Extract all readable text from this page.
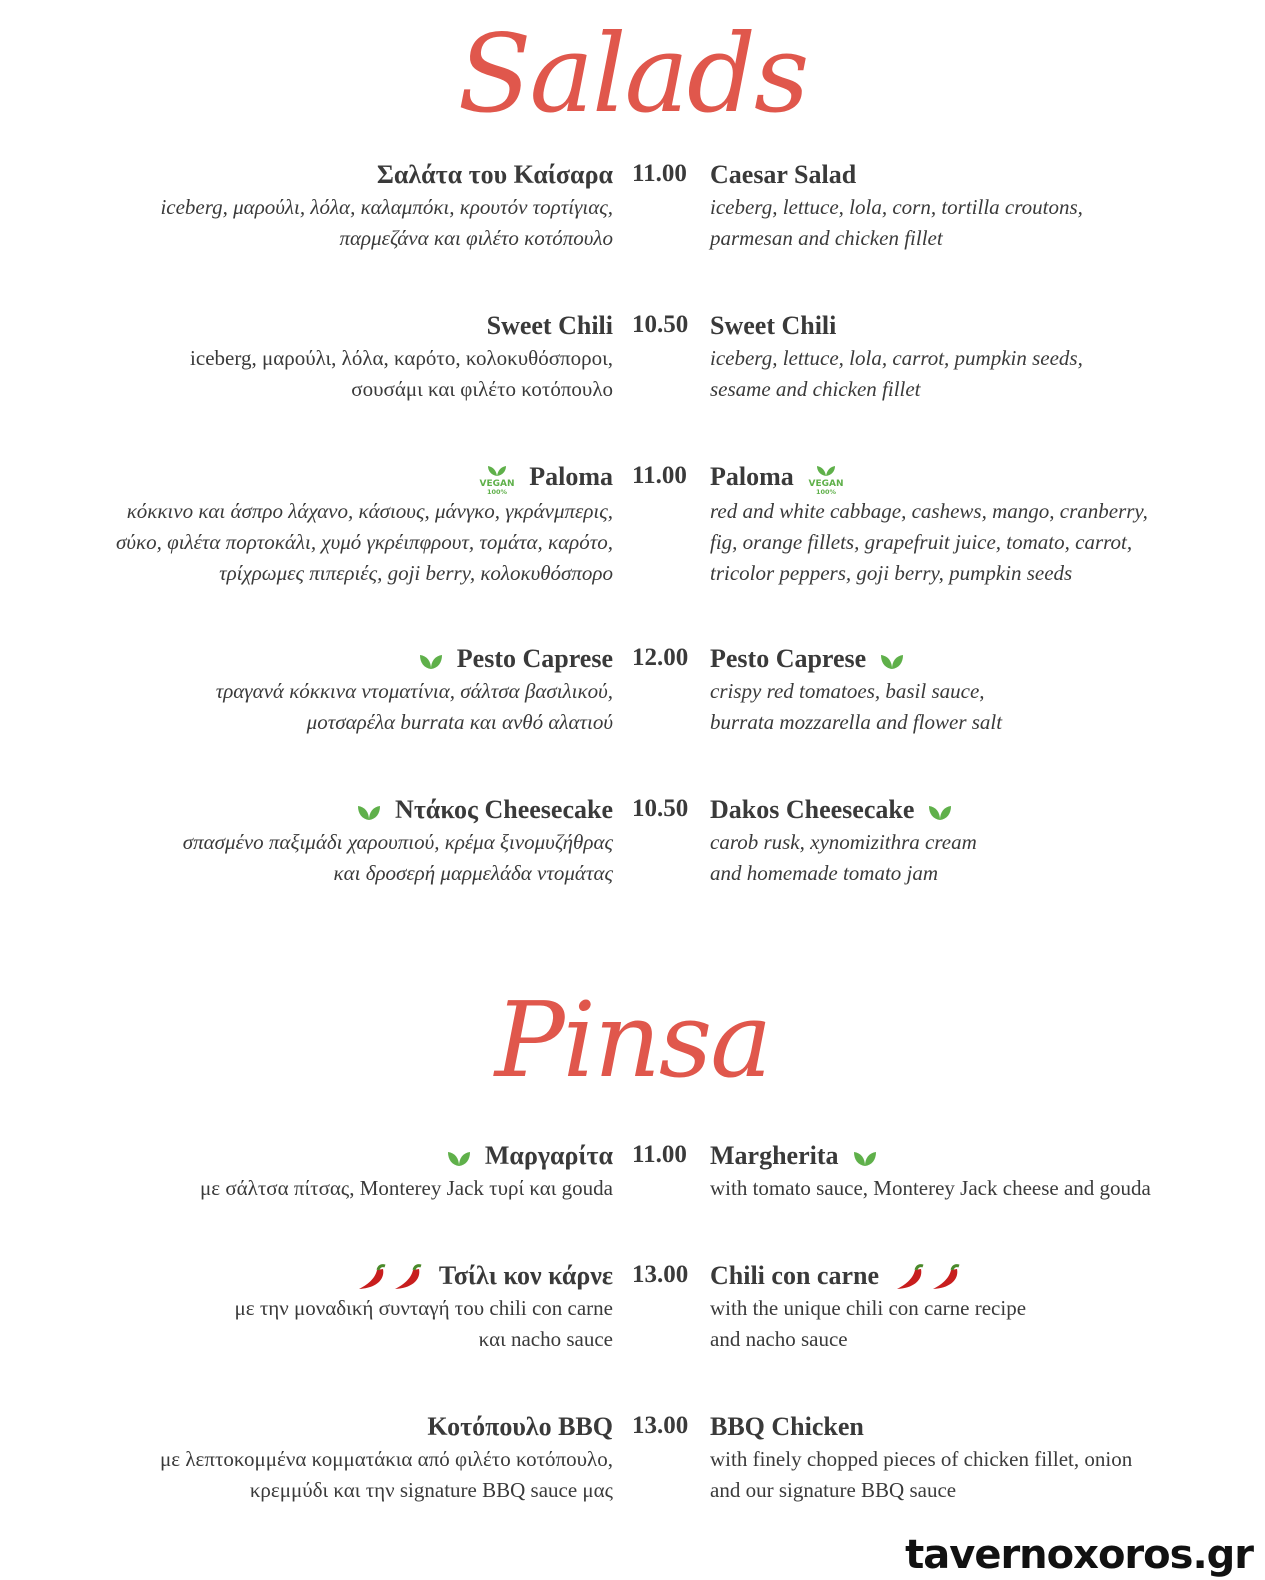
Salads
Σαλάτα του Καίσαρα
iceberg, μαρούλι, λόλα, καλαμπόκι, κρουτόν τορτίγιας,
παρμεζάνα και φιλέτο κοτόπουλο
11.00 Caesar Salad
iceberg, lettuce, lola, corn, tortilla croutons,
parmesan and chicken fillet
Sweet Chili
iceberg, μαρούλι, λόλα, καρότο, κολοκυθόσποροι,
σουσάμι και φιλέτο κοτόπουλο
10.50 Sweet Chili
iceberg, lettuce, lola, carrot, pumpkin seeds,
sesame and chicken fillet
VEGAN
100%
Paloma
κόκκινο και άσπρο λάχανο, κάσιους, μάνγκο, γκράνμπερις,
σύκο, φιλέτα πορτοκάλι, χυμό γκρέιπφρουτ, τομάτα, καρότο,
τρίχρωμες πιπεριές, goji berry, κολοκυθόσπορο
11.00 Paloma VEGAN
100%
red and white cabbage, cashews, mango, cranberry,
fig, orange fillets, grapefruit juice, tomato, carrot,
tricolor peppers, goji berry, pumpkin seeds
Pesto Caprese
τραγανά κόκκινα ντοματίνια, σάλτσα βασιλικού,
μοτσαρέλα burrata και ανθό αλατιού
12.00 Pesto Caprese
crispy red tomatoes, basil sauce,
burrata mozzarella and flower salt
Ντάκος Cheesecake
σπασμένο παξιμάδι χαρουπιού, κρέμα ξινομυζήθρας
και δροσερή μαρμελάδα ντομάτας
10.50 Dakos Cheesecake
carob rusk, xynomizithra cream
and homemade tomato jam
Pinsa
Μαργαρίτα
με σάλτσα πίτσας, Monterey Jack τυρί και gouda
11.00 Margherita
with tomato sauce, Monterey Jack cheese and gouda
Τσίλι κον κάρνε
με την μοναδική συνταγή του chili con carne
και nacho sauce
13.00 Chili con carne
with the unique chili con carne recipe
and nacho sauce
Κοτόπουλο BBQ
με λεπτοκομμένα κομματάκια από φιλέτο κοτόπουλο,
κρεμμύδι και την signature BBQ sauce μας
13.00 BBQ Chicken
with finely chopped pieces of chicken fillet, onion
and our signature BBQ sauce
tavernoxoros.gr
